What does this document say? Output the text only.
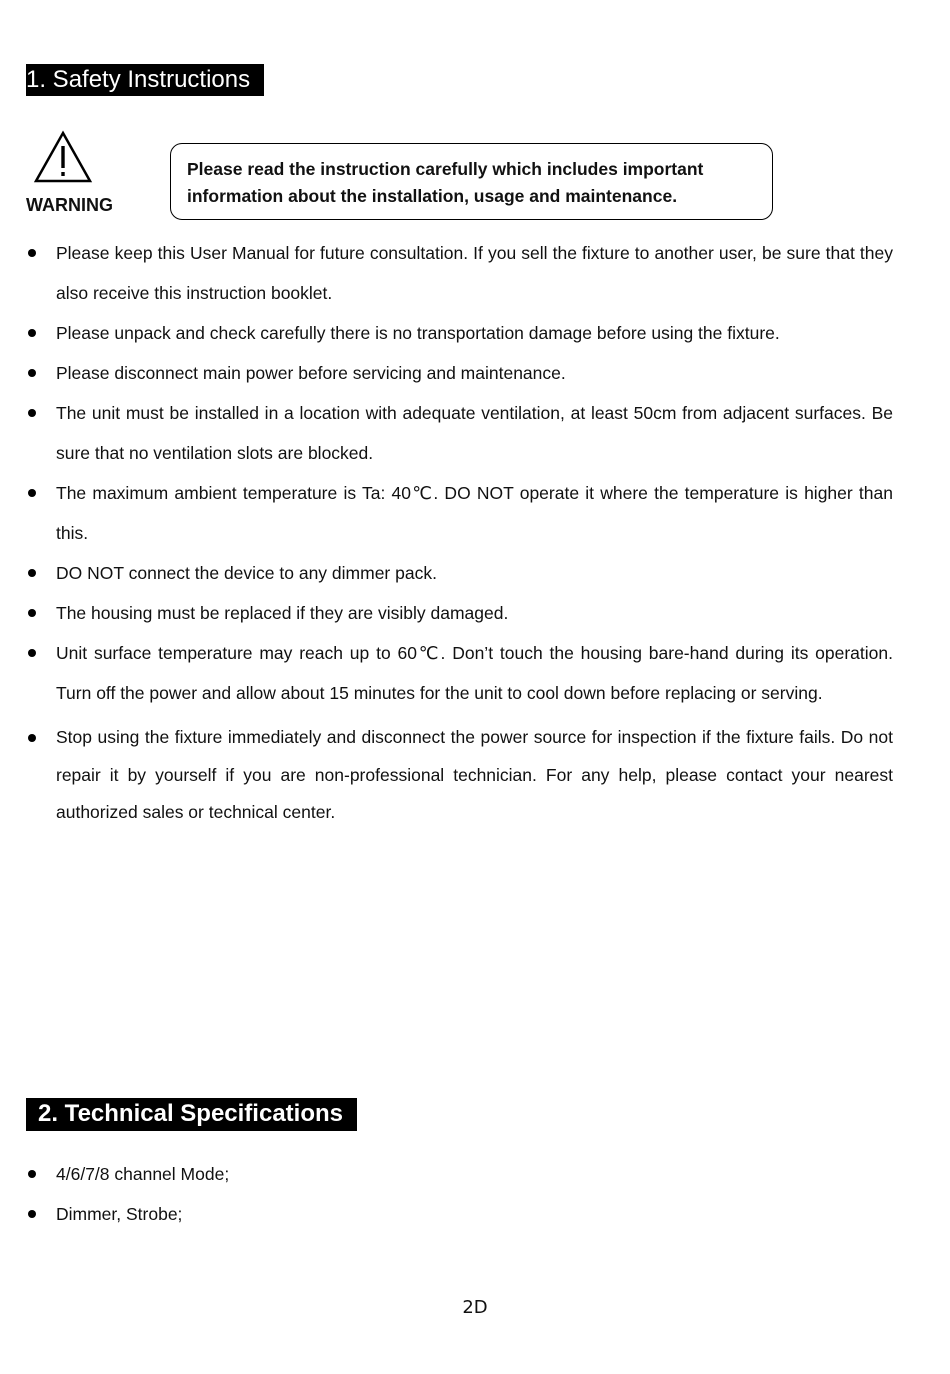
1. Safety Instructions
WARNING
Please read the instruction carefully which includes important
information about the installation, usage and maintenance.
Please keep this User Manual for future consultation. If you sell the fixture to another user, be sure that they also receive this instruction booklet.
Please unpack and check carefully there is no transportation damage before using the fixture.
Please disconnect main power before servicing and maintenance.
The unit must be installed in a location with adequate ventilation, at least 50cm from adjacent surfaces. Be sure that no ventilation slots are blocked.
The maximum ambient temperature is Ta: 40℃. DO NOT operate it where the temperature is higher than this.
DO NOT connect the device to any dimmer pack.
The housing must be replaced if they are visibly damaged.
Unit surface temperature may reach up to 60℃. Don’t touch the housing bare-hand during its operation. Turn off the power and allow about 15 minutes for the unit to cool down before replacing or serving.
Stop using the fixture immediately and disconnect the power source for inspection if the fixture fails. Do not repair it by yourself if you are non-professional technician. For any help, please contact your nearest authorized sales or technical center.
2. Technical Specifications
4/6/7/8 channel Mode;
Dimmer, Strobe;
2D
